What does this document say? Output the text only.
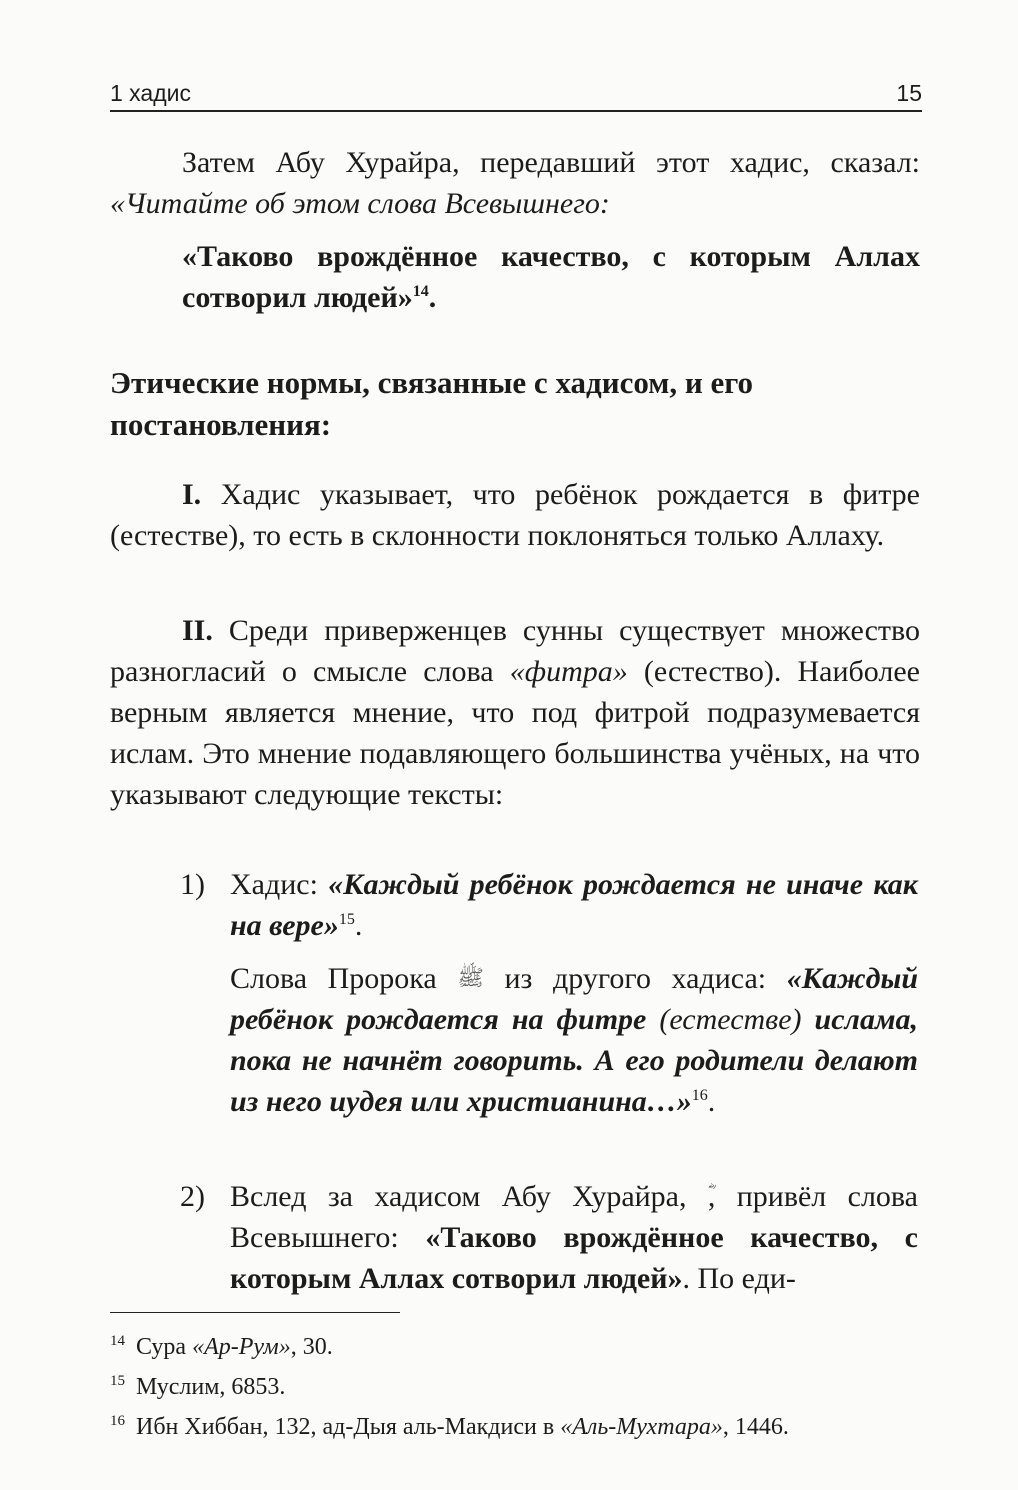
1 хадис	15

Затем Абу Хурайра, передавший этот хадис, сказал: «Читайте об этом слова Всевышнего:

«Таково врождённое качество, с которым Аллах сотворил людей»$^{14}$.

Этические нормы, связанные с хадисом, и его постановления:

I. Хадис указывает, что ребёнок рождается в фитре (естестве), то есть в склонности поклоняться только Аллаху.

II. Среди приверженцев сунны существует множество разногласий о смысле слова «фитра» (естество). Наиболее верным является мнение, что под фитрой подразумевается ислам. Это мнение подавляющего большинства учёных, на что указывают следующие тексты:

1) Хадис: «Каждый ребёнок рождается не иначе как на вере»$^{15}$.

Слова Пророка ﷺ из другого хадиса: «Каждый ребёнок рождается на фитре (естестве) ислама, пока не начнёт говорить. А его родители делают из него иудея или христианина…»$^{16}$.

2) Вслед за хадисом Абу Хурайра, , привёл слова Всевышнего: «Таково врождённое качество, с которым Аллах сотворил людей». По еди-

14 Сура «Ар-Рум», 30.

15 Муслим, 6853.

16 Ибн Хиббан, 132, ад-Дыя аль-Макдиси в «Аль-Мухтара», 1446.
